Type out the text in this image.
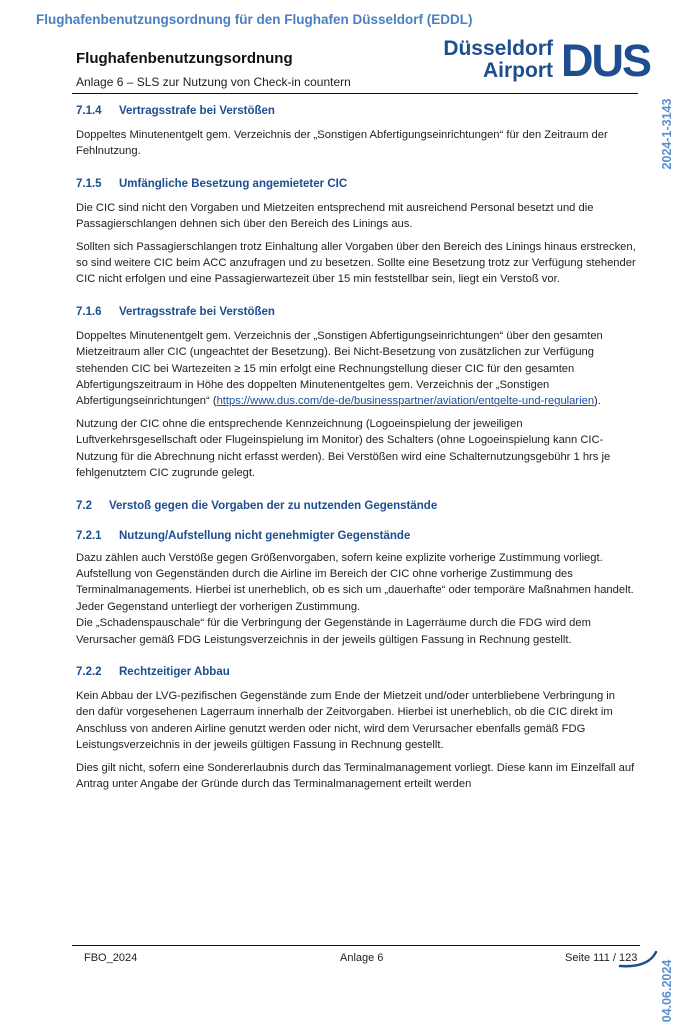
Flughafenbenutzungsordnung für den Flughafen Düsseldorf (EDDL)
Flughafenbenutzungsordnung
Anlage 6 – SLS zur Nutzung von Check-in countern
Düsseldorf
Airport DUS
2024-1-3143
7.1.4	Vertragsstrafe bei Verstößen

Doppeltes Minutenentgelt gem. Verzeichnis der „Sonstigen Abfertigungseinrichtungen“ für den Zeitraum der Fehlnutzung.

7.1.5	Umfängliche Besetzung angemieteter CIC

Die CIC sind nicht den Vorgaben und Mietzeiten entsprechend mit ausreichend Personal besetzt und die Passagierschlangen dehnen sich über den Bereich des Linings aus.

Sollten sich Passagierschlangen trotz Einhaltung aller Vorgaben über den Bereich des Linings hinaus erstrecken, so sind weitere CIC beim ACC anzufragen und zu besetzen. Sollte eine Besetzung trotz zur Verfügung stehender CIC nicht erfolgen und eine Passagierwartezeit über 15 min feststellbar sein, liegt ein Verstoß vor.

7.1.6	Vertragsstrafe bei Verstößen

Doppeltes Minutenentgelt gem. Verzeichnis der „Sonstigen Abfertigungseinrichtungen“ über den gesamten Mietzeitraum aller CIC (ungeachtet der Besetzung). Bei Nicht-Besetzung von zusätzlichen zur Verfügung stehenden CIC bei Wartezeiten ≥ 15 min erfolgt eine Rechnungstellung dieser CIC für den gesamten Abfertigungszeitraum in Höhe des doppelten Minutenentgeltes gem. Verzeichnis der „Sonstigen Abfertigungseinrichtungen“ (https://www.dus.com/de-de/businesspartner/aviation/entgelte-und-regularien).

Nutzung der CIC ohne die entsprechende Kennzeichnung (Logoeinspielung der jeweiligen Luftverkehrsgesellschaft oder Flugeinspielung im Monitor) des Schalters (ohne Logoeinspielung kann CIC-Nutzung für die Abrechnung nicht erfasst werden). Bei Verstößen wird eine Schalternutzungsgebühr 1 hrs je fehlgenutztem CIC zugrunde gelegt.

7.2	Verstoß gegen die Vorgaben der zu nutzenden Gegenstände
7.2.1	Nutzung/Aufstellung nicht genehmigter Gegenstände

Dazu zählen auch Verstöße gegen Größenvorgaben, sofern keine explizite vorherige Zustimmung vorliegt. Aufstellung von Gegenständen durch die Airline im Bereich der CIC ohne vorherige Zustimmung des Terminalmanagements. Hierbei ist unerheblich, ob es sich um „dauerhafte“ oder temporäre Maßnahmen handelt. Jeder Gegenstand unterliegt der vorherigen Zustimmung.

Die „Schadenspauschale“ für die Verbringung der Gegenstände in Lagerräume durch die FDG wird dem Verursacher gemäß FDG Leistungsverzeichnis in der jeweils gültigen Fassung in Rechnung gestellt.

7.2.2	Rechtzeitiger Abbau

Kein Abbau der LVG-pezifischen Gegenstände zum Ende der Mietzeit und/oder unterbliebene Verbringung in den dafür vorgesehenen Lagerraum innerhalb der Zeitvorgaben. Hierbei ist unerheblich, ob die CIC direkt im Anschluss von anderen Airline genutzt werden oder nicht, wird dem Verursacher ebenfalls gemäß FDG Leistungsverzeichnis in der jeweils gültigen Fassung in Rechnung gestellt.

Dies gilt nicht, sofern eine Sondererlaubnis durch das Terminalmanagement vorliegt. Diese kann im Einzelfall auf Antrag unter Angabe der Gründe durch das Terminalmanagement erteilt werden

04.06.2024
FBO_2024	Anlage 6	Seite 111 / 123
